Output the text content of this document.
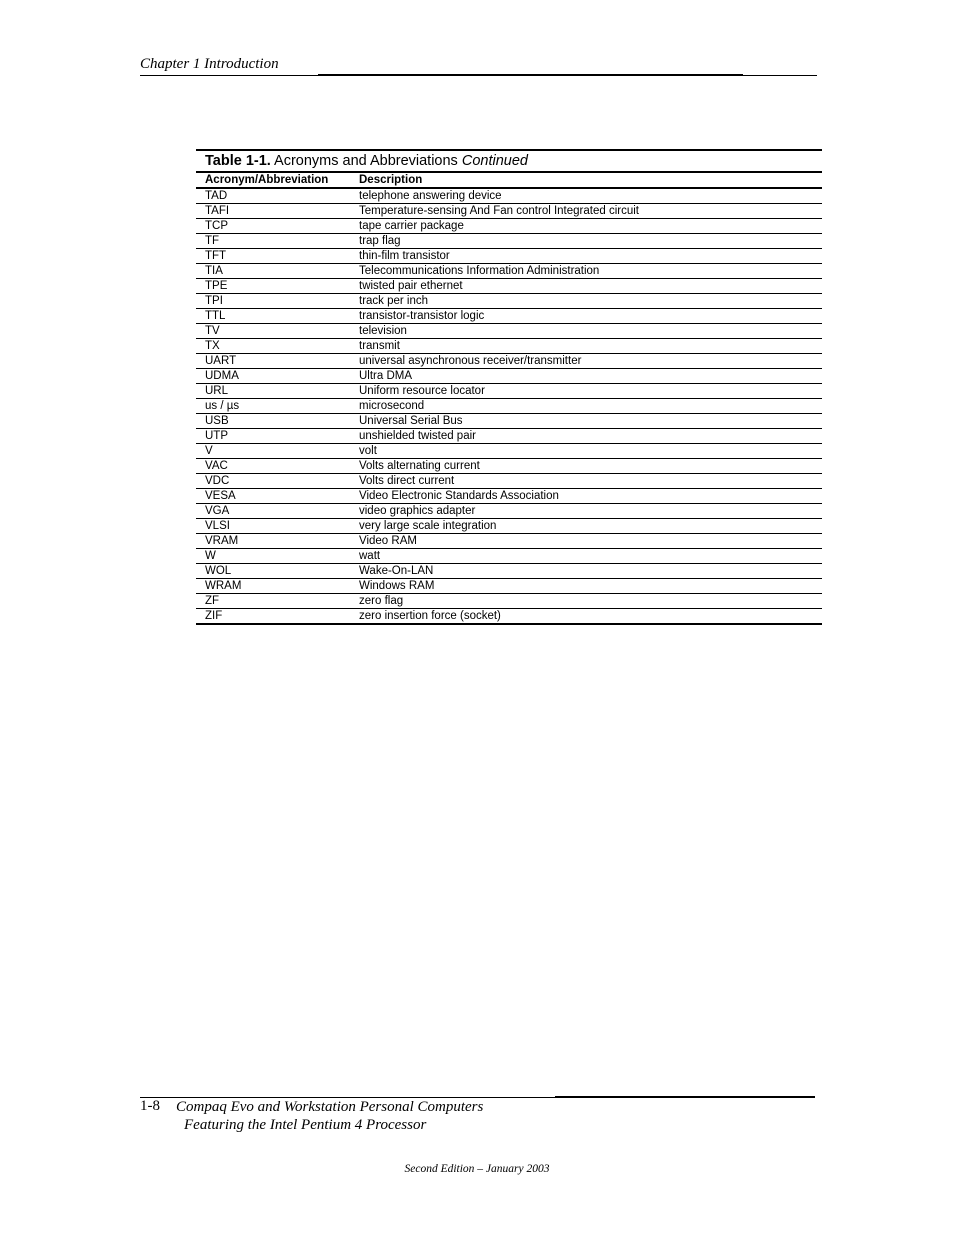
Chapter 1 Introduction
Table 1-1. Acronyms and Abbreviations Continued
Acronym/Abbreviation	Description
TAD	telephone answering device
TAFI	Temperature-sensing And Fan control Integrated circuit
TCP	tape carrier package
TF	trap flag
TFT	thin-film transistor
TIA	Telecommunications Information Administration
TPE	twisted pair ethernet
TPI	track per inch
TTL	transistor-transistor logic
TV	television
TX	transmit
UART	universal asynchronous receiver/transmitter
UDMA	Ultra DMA
URL	Uniform resource locator
us / µs	microsecond
USB	Universal Serial Bus
UTP	unshielded twisted pair
V	volt
VAC	Volts alternating current
VDC	Volts direct current
VESA	Video Electronic Standards Association
VGA	video graphics adapter
VLSI	very large scale integration
VRAM	Video RAM
W	watt
WOL	Wake-On-LAN
WRAM	Windows RAM
ZF	zero flag
ZIF	zero insertion force (socket)
1-8 Compaq Evo and Workstation Personal Computers
Featuring the Intel Pentium 4 Processor
Second Edition – January 2003
